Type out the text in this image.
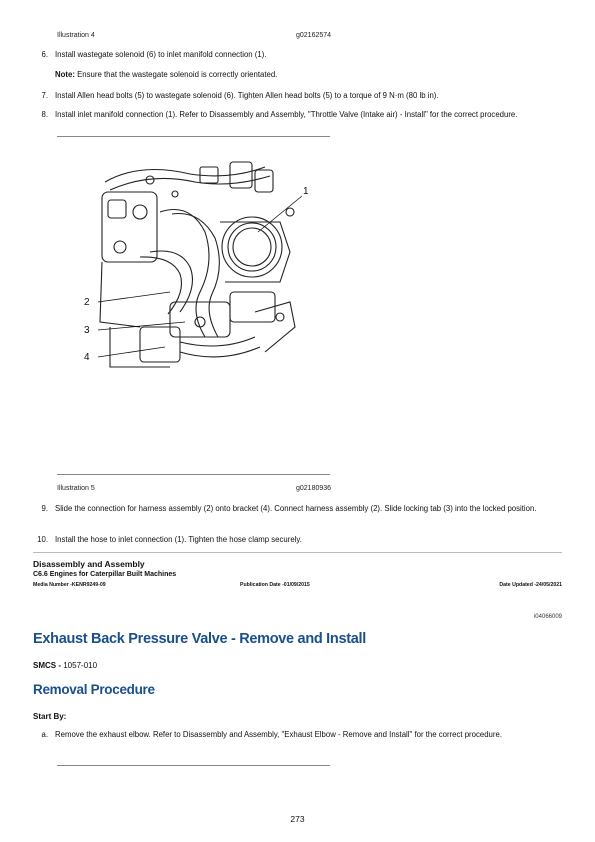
Illustration 4	g02162574
6. Install wastegate solenoid (6) to inlet manifold connection (1).
Note: Ensure that the wastegate solenoid is correctly orientated.
7. Install Allen head bolts (5) to wastegate solenoid (6). Tighten Allen head bolts (5) to a torque of 9 N·m (80 lb in).
8. Install inlet manifold connection (1). Refer to Disassembly and Assembly, "Throttle Valve (Intake air) - Install" for the correct procedure.
1
2
3
4
Illustration 5	g02180936
9. Slide the connection for harness assembly (2) onto bracket (4). Connect harness assembly (2). Slide locking tab (3) into the locked position.
10. Install the hose to inlet connection (1). Tighten the hose clamp securely.
Disassembly and Assembly
C6.6 Engines for Caterpillar Built Machines
Media Number -KENR9249-09	Publication Date -01/09/2015	Date Updated -24/05/2021
i04066009
Exhaust Back Pressure Valve - Remove and Install
SMCS - 1057-010
Removal Procedure
Start By:
a. Remove the exhaust elbow. Refer to Disassembly and Assembly, "Exhaust Elbow - Remove and Install" for the correct procedure.
273
